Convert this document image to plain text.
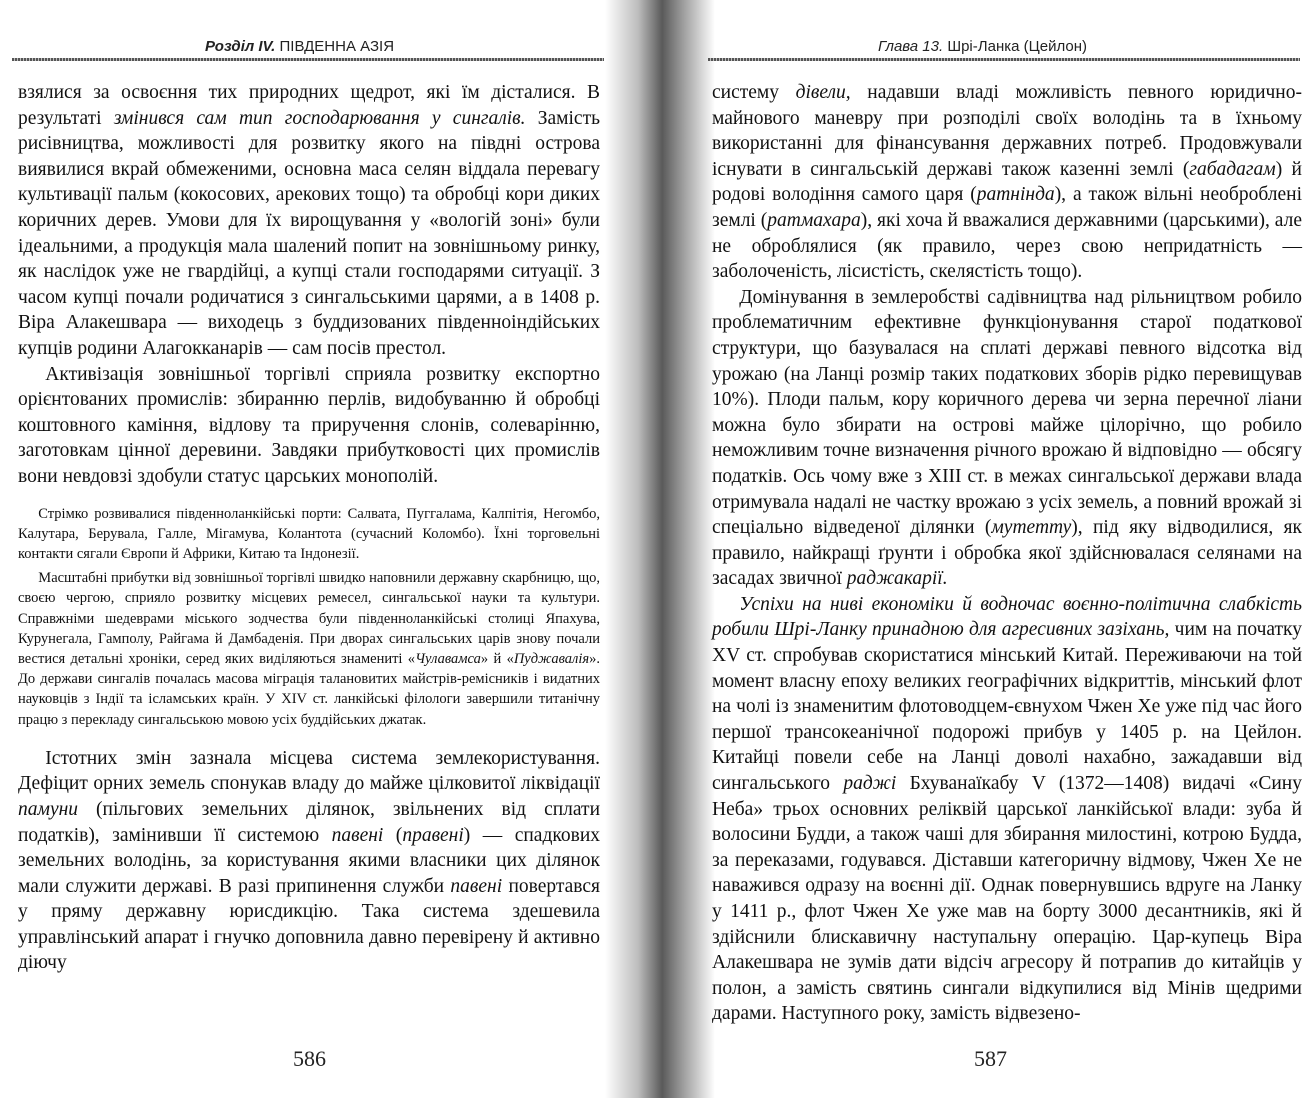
Розділ IV. ПІВДЕННА АЗІЯ

взялися за освоєння тих природних щедрот, які їм дісталися. В результаті змінився сам тип господарювання у сингалів. Замість рисівництва, можливості для розвитку якого на півдні острова виявилися вкрай обмеженими, основна маса селян віддала перевагу культивації пальм (кокосових, арекових тощо) та обробці кори диких коричних дерев. Умови для їх вирощування у «вологій зоні» були ідеальними, а продукція мала шалений попит на зовнішньому ринку, як наслідок уже не гвардійці, а купці стали господарями ситуації. З часом купці почали родичатися з сингальськими царями, а в 1408 р. Віра Алакешвара — виходець з буддизованих південноіндійських купців родини Алагокканарів — сам посів престол.

Активізація зовнішньої торгівлі сприяла розвитку експортно орієнтованих промислів: збиранню перлів, видобуванню й обробці коштовного каміння, вiдлову та приручення слонів, солеварінню, заготовкам цінної деревини. Завдяки прибутковості цих промислів вони невдовзі здобули статус царських монополій.

Стрімко розвивалися південноланкійські порти: Салвата, Пуггалама, Калпітія, Негомбо, Калутара, Берувала, Галле, Мігамува, Колантота (сучасний Коломбо). Їхні торговельні контакти сягали Європи й Африки, Китаю та Індонезії.

Масштабні прибутки від зовнішньої торгівлі швидко наповнили державну скарбницю, що, своєю чергою, сприяло розвитку місцевих ремесел, сингальської науки та культури. Справжніми шедеврами міського зодчества були південноланкійські столиці Япахува, Курунегала, Гамполу, Райгама й Дамбаденія. При дворах сингальських царів знову почали вестися детальні хроніки, серед яких виділяються знамениті «Чулавамса» й «Пуджавалія». До держави сингалів почалась масова міграція талановитих майстрів-ремісників і видатних науковців з Індії та ісламських країн. У XIV ст. ланкійські філологи завершили титанічну працю з перекладу сингальською мовою усіх буддійських джатак.

Істотних змін зазнала місцева система землекористування. Дефіцит орних земель спонукав владу до майже цілковитої ліквідації памуни (пільгових земельних ділянок, звільнених від сплати податків), замінивши її системою павені (правені) — спадкових земельних володінь, за користування якими власники цих ділянок мали служити державі. В разі припинення служби павені повертався у пряму державну юрисдикцію. Така система здешевила управлінський апарат і гнучко доповнила давно перевірену й активно діючу

586
Глава 13. Шрі-Ланка (Цейлон)

систему дівели, надавши владі можливість певного юридично-майнового маневру при розподілі своїх володінь та в їхньому використанні для фінансування державних потреб. Продовжували існувати в сингальській державі також казенні землі (габадагам) й родові володіння самого царя (ратнінда), а також вільні необроблені землі (ратмахара), які хоча й вважалися державними (царськими), але не оброблялися (як правило, через свою непридатність — заболоченість, лісистість, скелястість тощо).

Домінування в землеробстві садівництва над рільництвом робило проблематичним ефективне функціонування старої податкової структури, що базувалася на сплаті державі певного відсотка від урожаю (на Ланці розмір таких податкових зборів рідко перевищував 10%). Плоди пальм, кору коричного дерева чи зерна перечної ліани можна було збирати на острові майже цілорічно, що робило неможливим точне визначення річного врожаю й відповідно — обсягу податків. Ось чому вже з XIII ст. в межах сингальської держави влада отримувала надалі не частку врожаю з усіх земель, а повний врожай зі спеціально відведеної ділянки (мутетту), під яку відводилися, як правило, найкращі ґрунти і обробка якої здійснювалася селянами на засадах звичної раджакарії.

Успіхи на ниві економіки й водночас воєнно-політична слабкість робили Шрі-Ланку принадною для агресивних зазіхань, чим на початку XV ст. спробував скористатися мінський Китай. Переживаючи на той момент власну епоху великих географічних відкриттів, мінський флот на чолі із знаменитим флотоводцем-євнухом Чжен Хе уже під час його першої трансокеанічної подорожі прибув у 1405 р. на Цейлон. Китайці повели себе на Ланці доволі нахабно, зажадавши від сингальського раджі Бхуванаїкабу V (1372—1408) видачі «Сину Неба» трьох основних реліквій царської ланкійської влади: зуба й волосини Будди, а також чаші для збирання милостині, котрою Будда, за переказами, годувався. Діставши категоричну відмову, Чжен Хе не наважився одразу на воєнні дії. Однак повернувшись вдруге на Ланку у 1411 р., флот Чжен Хе уже мав на борту 3000 десантників, які й здійснили блискавичну наступальну операцію. Цар-купець Віра Алакешвара не зумів дати відсіч агресору й потрапив до китайців у полон, а замість святинь сингали відкупилися від Мінів щедрими дарами. Наступного року, замість відвезено-

587
